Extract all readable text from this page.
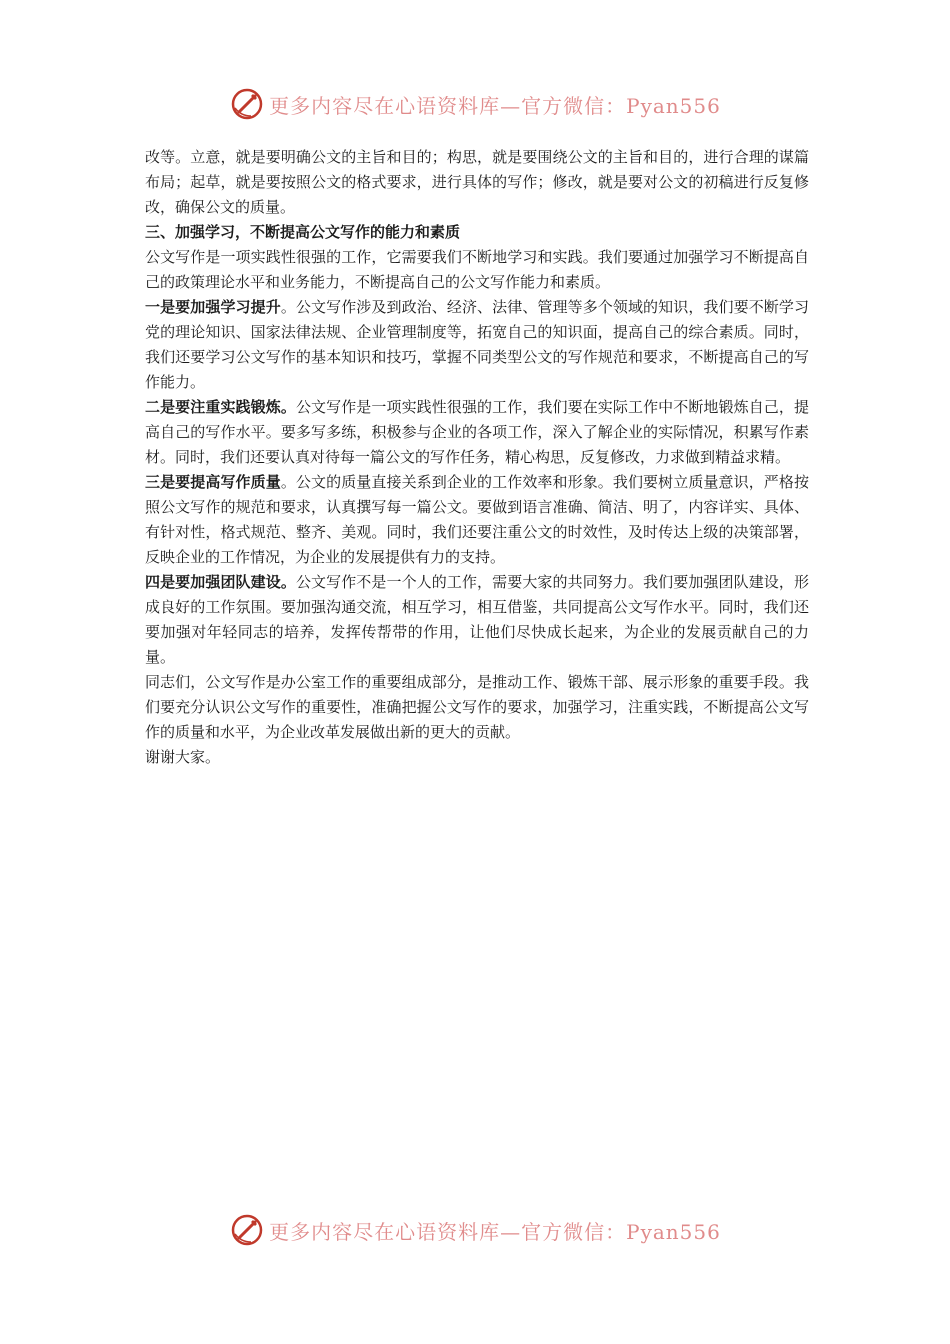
更多内容尽在心语资料库—官方微信：Pyan556

改等。立意，就是要明确公文的主旨和目的；构思，就是要围绕公文的主旨和目的，进行合理的谋篇布局；起草，就是要按照公文的格式要求，进行具体的写作；修改，就是要对公文的初稿进行反复修改，确保公文的质量。

三、加强学习，不断提高公文写作的能力和素质

公文写作是一项实践性很强的工作，它需要我们不断地学习和实践。我们要通过加强学习不断提高自己的政策理论水平和业务能力，不断提高自己的公文写作能力和素质。

一是要加强学习提升。公文写作涉及到政治、经济、法律、管理等多个领域的知识，我们要不断学习党的理论知识、国家法律法规、企业管理制度等，拓宽自己的知识面，提高自己的综合素质。同时，我们还要学习公文写作的基本知识和技巧，掌握不同类型公文的写作规范和要求，不断提高自己的写作能力。

二是要注重实践锻炼。公文写作是一项实践性很强的工作，我们要在实际工作中不断地锻炼自己，提高自己的写作水平。要多写多练，积极参与企业的各项工作，深入了解企业的实际情况，积累写作素材。同时，我们还要认真对待每一篇公文的写作任务，精心构思，反复修改，力求做到精益求精。

三是要提高写作质量。公文的质量直接关系到企业的工作效率和形象。我们要树立质量意识，严格按照公文写作的规范和要求，认真撰写每一篇公文。要做到语言准确、简洁、明了，内容详实、具体、有针对性，格式规范、整齐、美观。同时，我们还要注重公文的时效性，及时传达上级的决策部署，反映企业的工作情况，为企业的发展提供有力的支持。

四是要加强团队建设。公文写作不是一个人的工作，需要大家的共同努力。我们要加强团队建设，形成良好的工作氛围。要加强沟通交流，相互学习，相互借鉴，共同提高公文写作水平。同时，我们还要加强对年轻同志的培养，发挥传帮带的作用，让他们尽快成长起来，为企业的发展贡献自己的力量。

同志们，公文写作是办公室工作的重要组成部分，是推动工作、锻炼干部、展示形象的重要手段。我们要充分认识公文写作的重要性，准确把握公文写作的要求，加强学习，注重实践，不断提高公文写作的质量和水平，为企业改革发展做出新的更大的贡献。

谢谢大家。

更多内容尽在心语资料库—官方微信：Pyan556
